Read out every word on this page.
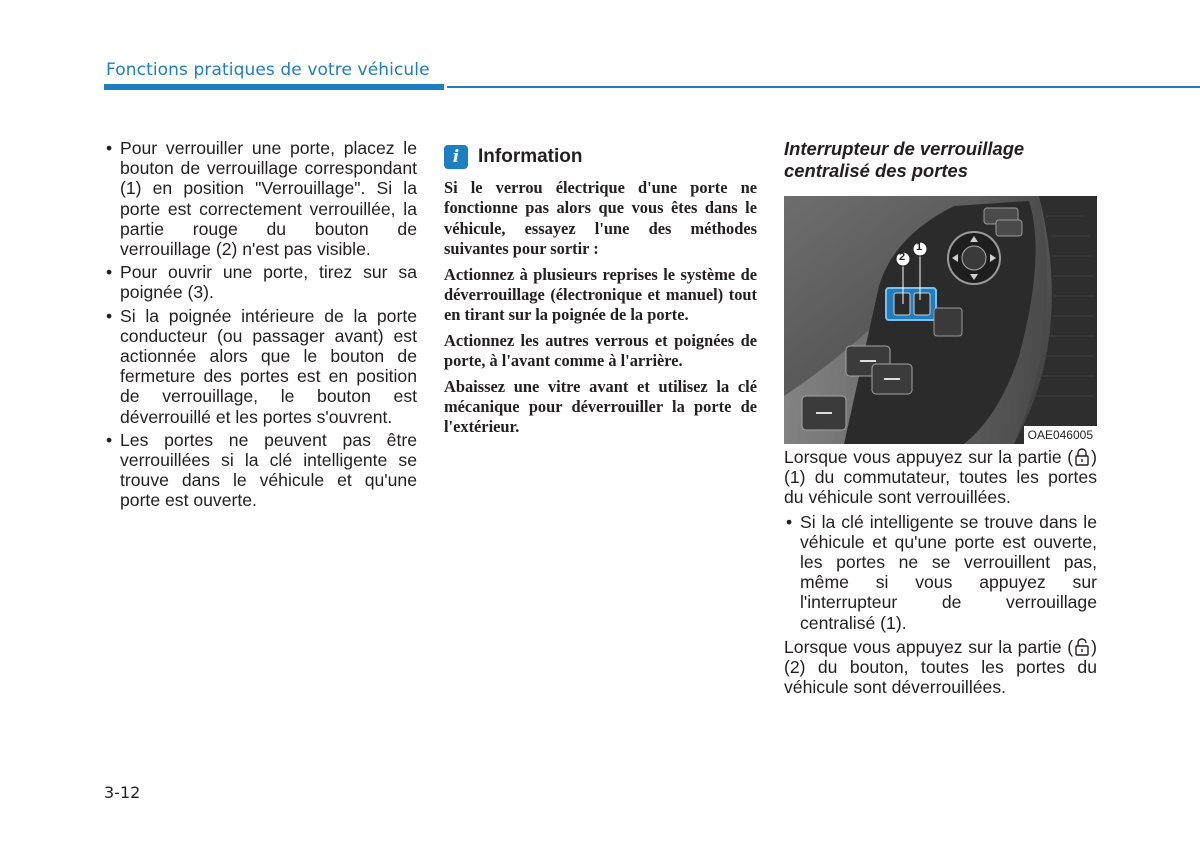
Fonctions pratiques de votre véhicule
• Pour verrouiller une porte, placez le bouton de verrouillage correspondant (1) en position "Verrouillage". Si la porte est correctement verrouillée, la partie rouge du bouton de verrouillage (2) n'est pas visible.
• Pour ouvrir une porte, tirez sur sa poignée (3).
• Si la poignée intérieure de la porte conducteur (ou passager avant) est actionnée alors que le bouton de fermeture des portes est en position de verrouillage, le bouton est déverrouillé et les portes s'ouvrent.
• Les portes ne peuvent pas être verrouillées si la clé intelligente se trouve dans le véhicule et qu'une porte est ouverte.
i Information

Si le verrou électrique d'une porte ne fonctionne pas alors que vous êtes dans le véhicule, essayez l'une des méthodes suivantes pour sortir :

Actionnez à plusieurs reprises le système de déverrouillage (électronique et manuel) tout en tirant sur la poignée de la porte.

Actionnez les autres verrous et poignées de porte, à l'avant comme à l'arrière.

Abaissez une vitre avant et utilisez la clé mécanique pour déverrouiller la porte de l'extérieur.

Interrupteur de verrouillage centralisé des portes
2
1
OAE046005

Lorsque vous appuyez sur la partie ( ) (1) du commutateur, toutes les portes du véhicule sont verrouillées.

• Si la clé intelligente se trouve dans le véhicule et qu'une porte est ouverte, les portes ne se verrouillent pas, même si vous appuyez sur l'interrupteur de verrouillage centralisé (1).

Lorsque vous appuyez sur la partie ( ) (2) du bouton, toutes les portes du véhicule sont déverrouillées.

3-12
